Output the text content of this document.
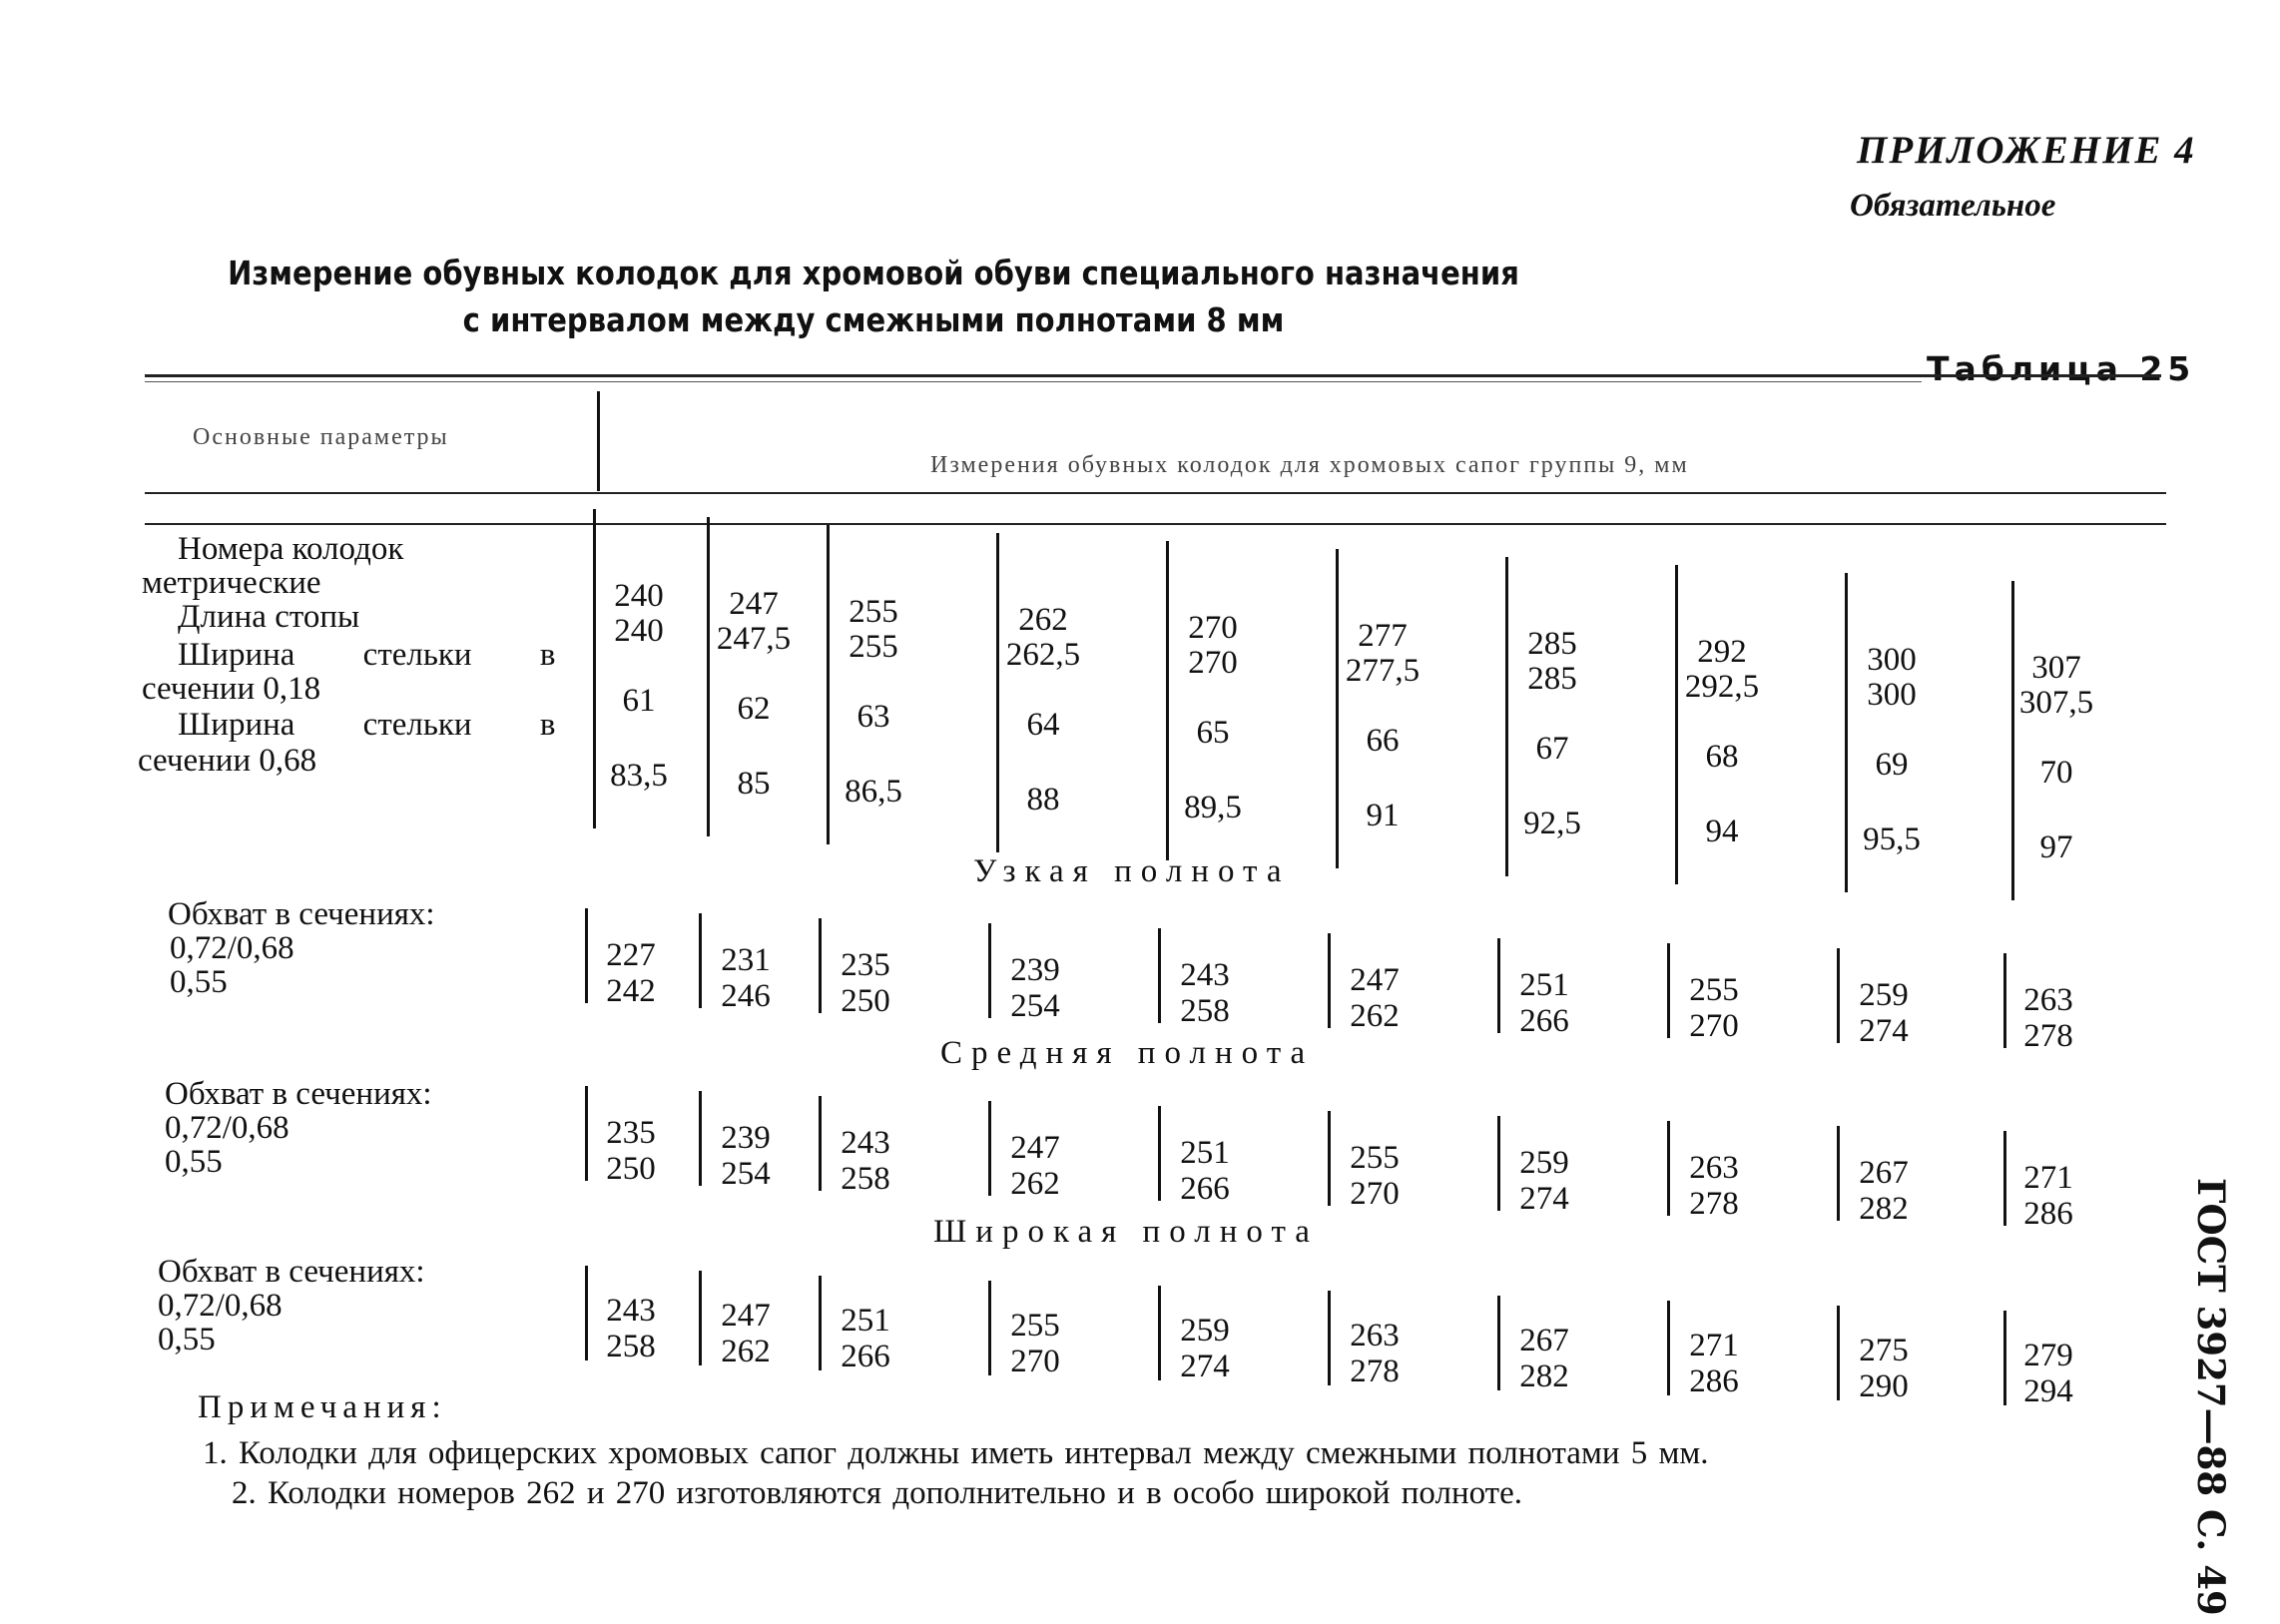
ПРИЛОЖЕНИЕ 4
Обязательное
Измерение обувных колодок для хромовой обуви специального назначения
с интервалом между смежными полнотами 8 мм
Таблица 25
Основные параметры
Измерения обувных колодок для хромовых сапог группы 9, мм
Номера колодок
метрические
Длина стопы
Ширина стельки в
сечении 0,18
Ширина стельки в
сечении 0,68
Узкая полнота
Средняя полнота
Широкая полнота
Обхват в сечениях:
0,72/0,68
0,55
Обхват в сечениях:
0,72/0,68
0,55
Обхват в сечениях:
0,72/0,68
0,55
240
240
61
83,5
247
247,5
62
85
255
255
63
86,5
262
262,5
64
88
270
270
65
89,5
277
277,5
66
91
285
285
67
92,5
292
292,5
68
94
300
300
69
95,5
307
307,5
70
97
227
242
231
246
235
250
239
254
243
258
247
262
251
266
255
270
259
274
263
278
235
250
239
254
243
258
247
262
251
266
255
270
259
274
263
278
267
282
271
286
243
258
247
262
251
266
255
270
259
274
263
278
267
282
271
286
275
290
279
294	ГОСТ 3927—88 С. 49
Примечания:
1. Колодки для офицерских хромовых сапог должны иметь интервал между смежными полнотами 5 мм.
2. Колодки номеров 262 и 270 изготовляются дополнительно и в особо широкой полноте.
